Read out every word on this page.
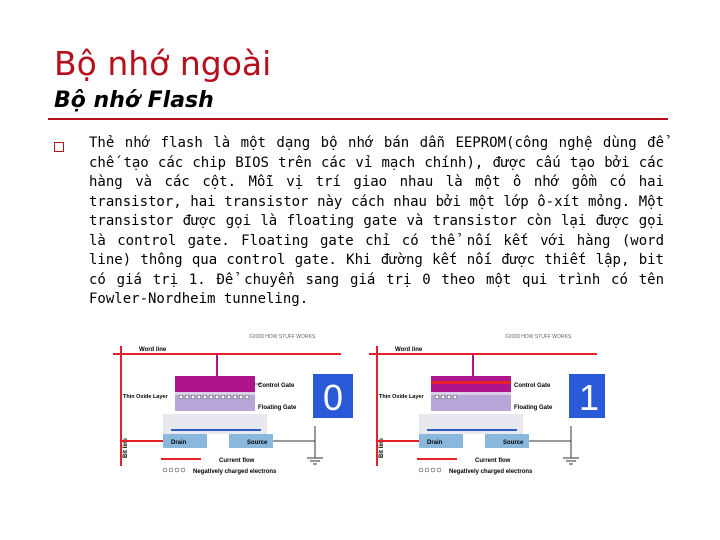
Bộ nhớ ngoài
Bộ nhớ Flash
Thẻ nhớ flash là một dạng bộ nhớ bán dẫn EEPROM(công nghệ dùng để chế tạo các chip BIOS trên các vỉ mạch chính), được cấu tạo bởi các hàng và các cột. Mỗi vị trí giao nhau là một ô nhớ gồm có hai transistor, hai transistor này cách nhau bởi một lớp ô-xít mỏng. Một transistor được gọi là floating gate và transistor còn lại được gọi là control gate. Floating gate chỉ có thể nối kết với hàng (word line) thông qua control gate. Khi đường kết nối được thiết lập, bit có giá trị 1. Để chuyển sang giá trị 0 theo một qui trình có tên Fowler-Nordheim tunneling.
©2000 HOW STUFF WORKS
Word line
Bit line
Control Gate
Floating Gate
Thin Oxide Layer
Drain	Source
Current flow
Negatively charged electrons
0
©2000 HOW STUFF WORKS
Word line
Bit line
Control Gate
Floating Gate
Thin Oxide Layer
Drain	Source
Current flow
Negatively charged electrons
1
